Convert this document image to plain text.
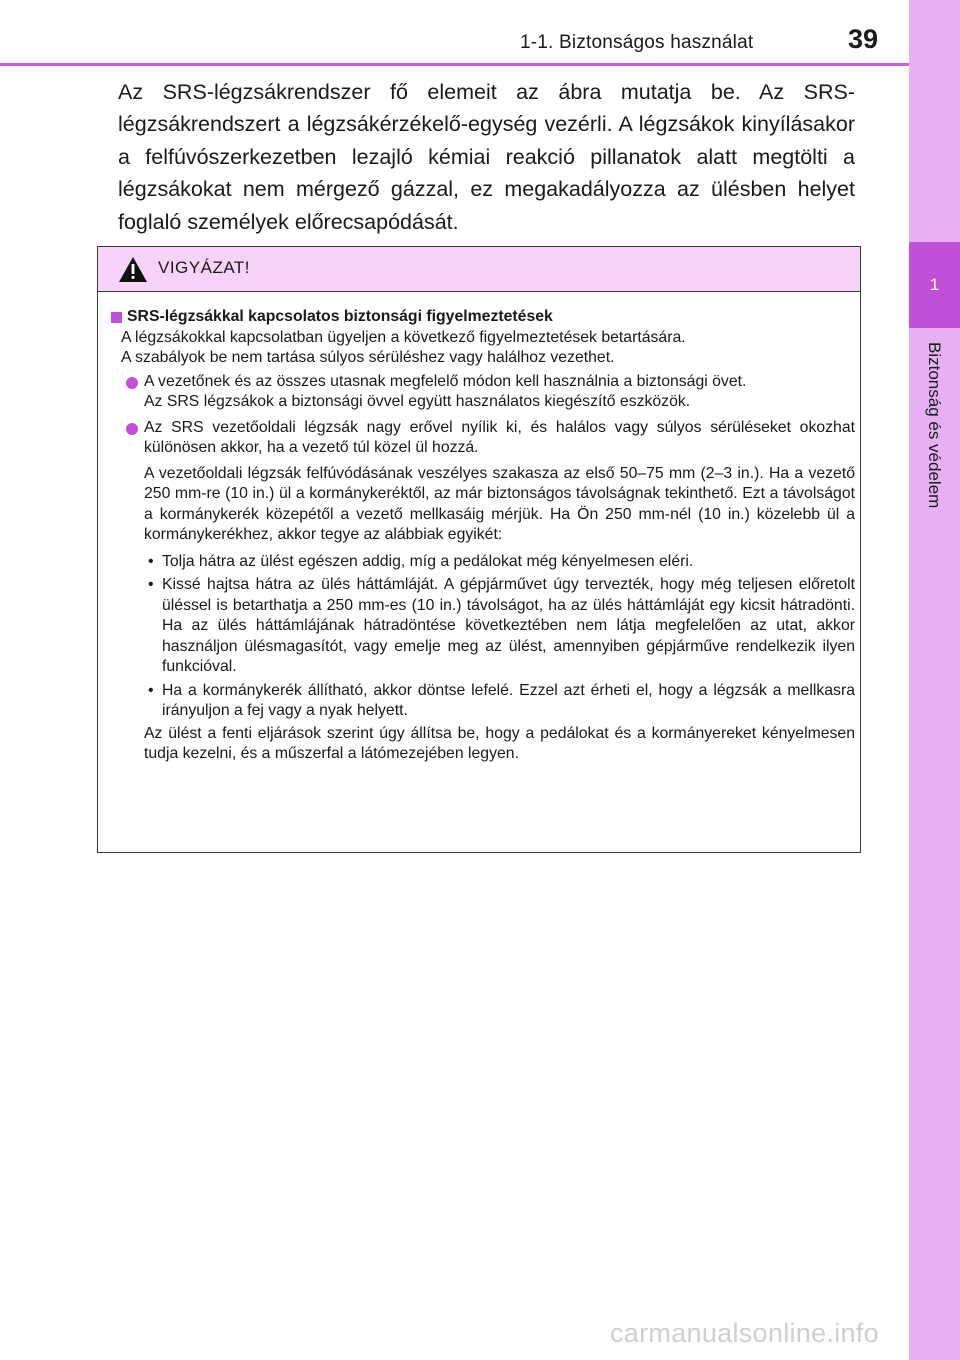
1
Biztonság és védelem
1-1. Biztonságos használat	39
Az SRS-légzsákrendszer fő elemeit az ábra mutatja be. Az SRS-légzsákrendszert a légzsákérzékelő-egység vezérli. A légzsákok kinyílásakor a felfúvószerkezetben lezajló kémiai reakció pillanatok alatt megtölti a légzsákokat nem mérgező gázzal, ez megakadályozza az ülésben helyet foglaló személyek előrecsapódását.
VIGYÁZAT!
SRS-légzsákkal kapcsolatos biztonsági figyelmeztetések
A légzsákokkal kapcsolatban ügyeljen a következő figyelmeztetések betartására.
A szabályok be nem tartása súlyos sérüléshez vagy halálhoz vezethet.
A vezetőnek és az összes utasnak megfelelő módon kell használnia a biztonsági övet.
Az SRS légzsákok a biztonsági övvel együtt használatos kiegészítő eszközök.
Az SRS vezetőoldali légzsák nagy erővel nyílik ki, és halálos vagy súlyos sérüléseket okozhat különösen akkor, ha a vezető túl közel ül hozzá.
A vezetőoldali légzsák felfúvódásának veszélyes szakasza az első 50–75 mm (2–3 in.). Ha a vezető 250 mm-re (10 in.) ül a kormánykeréktől, az már biztonságos távolságnak tekinthető. Ezt a távolságot a kormánykerék közepétől a vezető mellkasáig mérjük. Ha Ön 250 mm-nél (10 in.) közelebb ül a kormánykerékhez, akkor tegye az alábbiak egyikét:
• Tolja hátra az ülést egészen addig, míg a pedálokat még kényelmesen eléri.
• Kissé hajtsa hátra az ülés háttámláját. A gépjárművet úgy tervezték, hogy még teljesen előretolt üléssel is betarthatja a 250 mm-es (10 in.) távolságot, ha az ülés háttámláját egy kicsit hátradönti. Ha az ülés háttámlájának hátradöntése következtében nem látja megfelelően az utat, akkor használjon ülésmagasítót, vagy emelje meg az ülést, amennyiben gépjárműve rendelkezik ilyen funkcióval.
• Ha a kormánykerék állítható, akkor döntse lefelé. Ezzel azt érheti el, hogy a légzsák a mellkasra irányuljon a fej vagy a nyak helyett.
Az ülést a fenti eljárások szerint úgy állítsa be, hogy a pedálokat és a kormányereket kényelmesen tudja kezelni, és a műszerfal a látómezejében legyen.
carmanualsonline.info
